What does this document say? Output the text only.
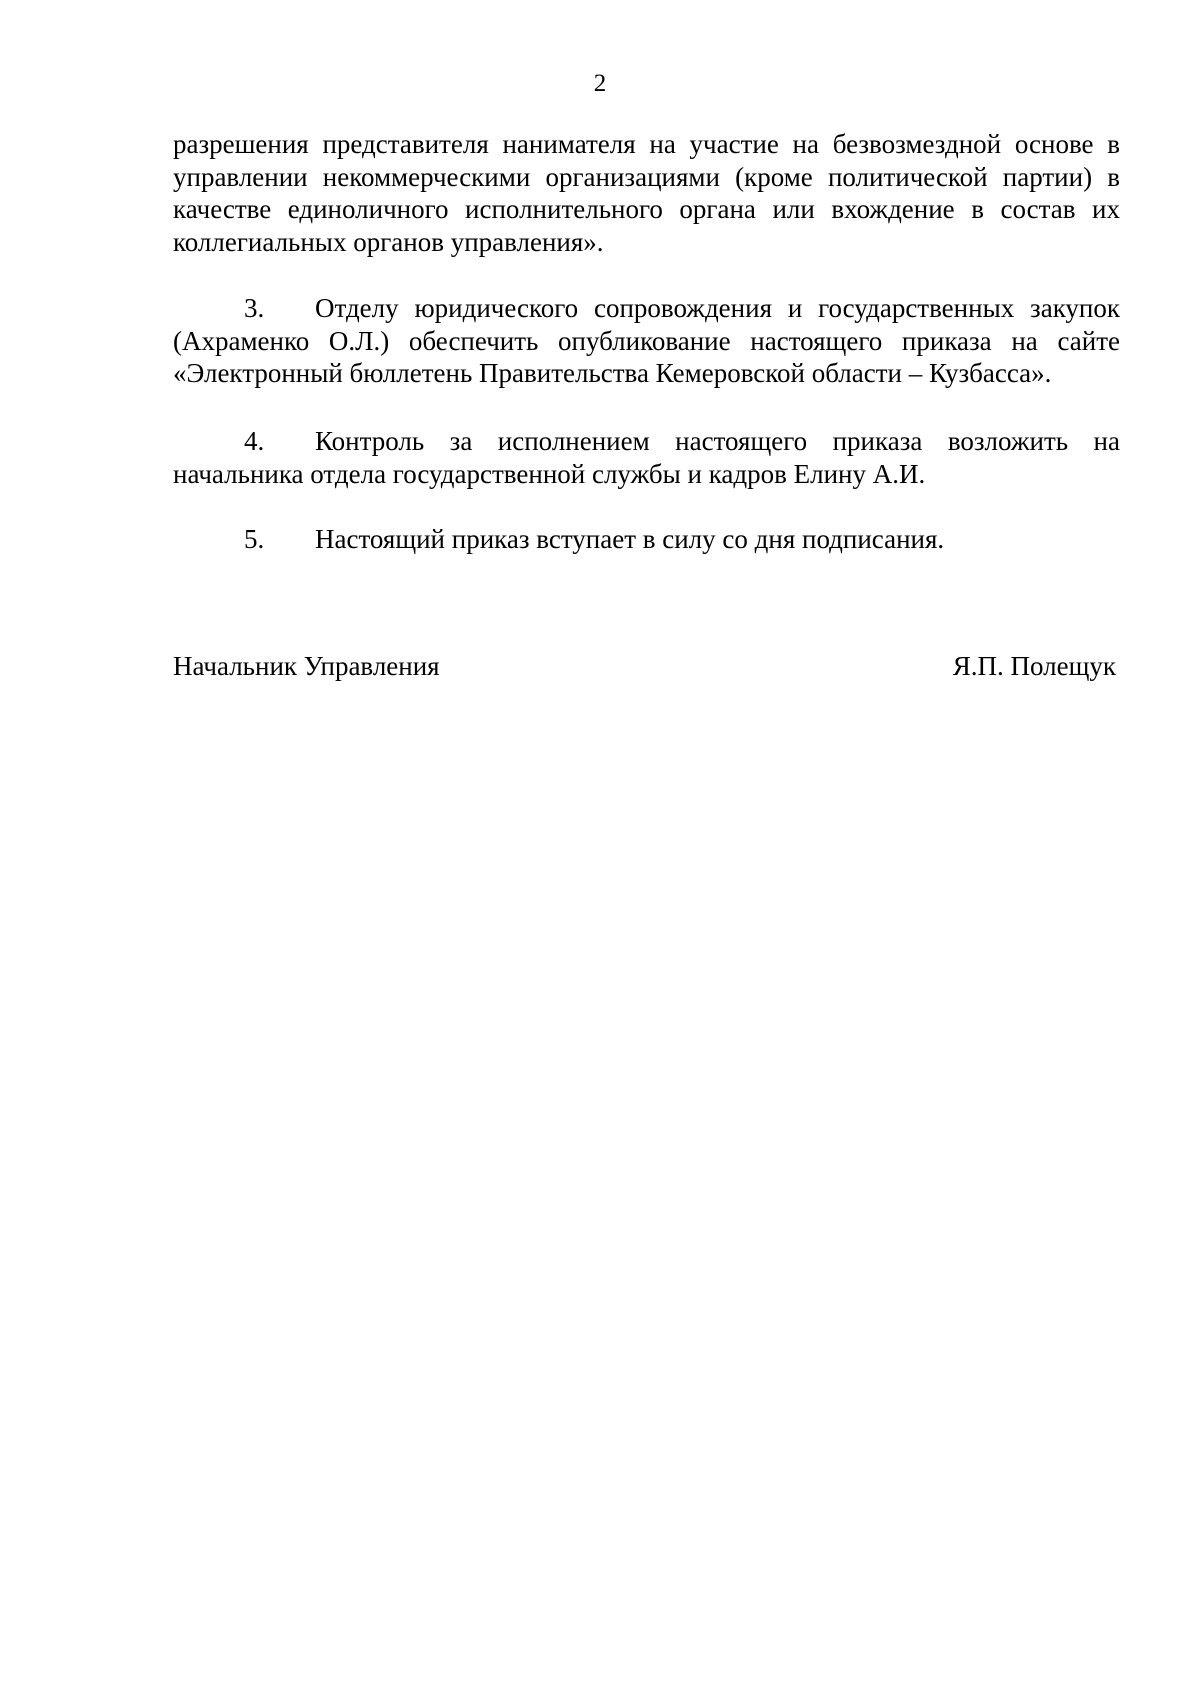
2
разрешения представителя нанимателя на участие на безвозмездной основе в управлении некоммерческими организациями (кроме политической партии) в качестве единоличного исполнительного органа или вхождение в состав их коллегиальных органов управления».
3. Отделу юридического сопровождения и государственных закупок (Ахраменко О.Л.) обеспечить опубликование настоящего приказа на сайте «Электронный бюллетень Правительства Кемеровской области – Кузбасса».
4. Контроль за исполнением настоящего приказа возложить на начальника отдела государственной службы и кадров Елину А.И.
5. Настоящий приказ вступает в силу со дня подписания.
Начальник Управления	Я.П. Полещук
